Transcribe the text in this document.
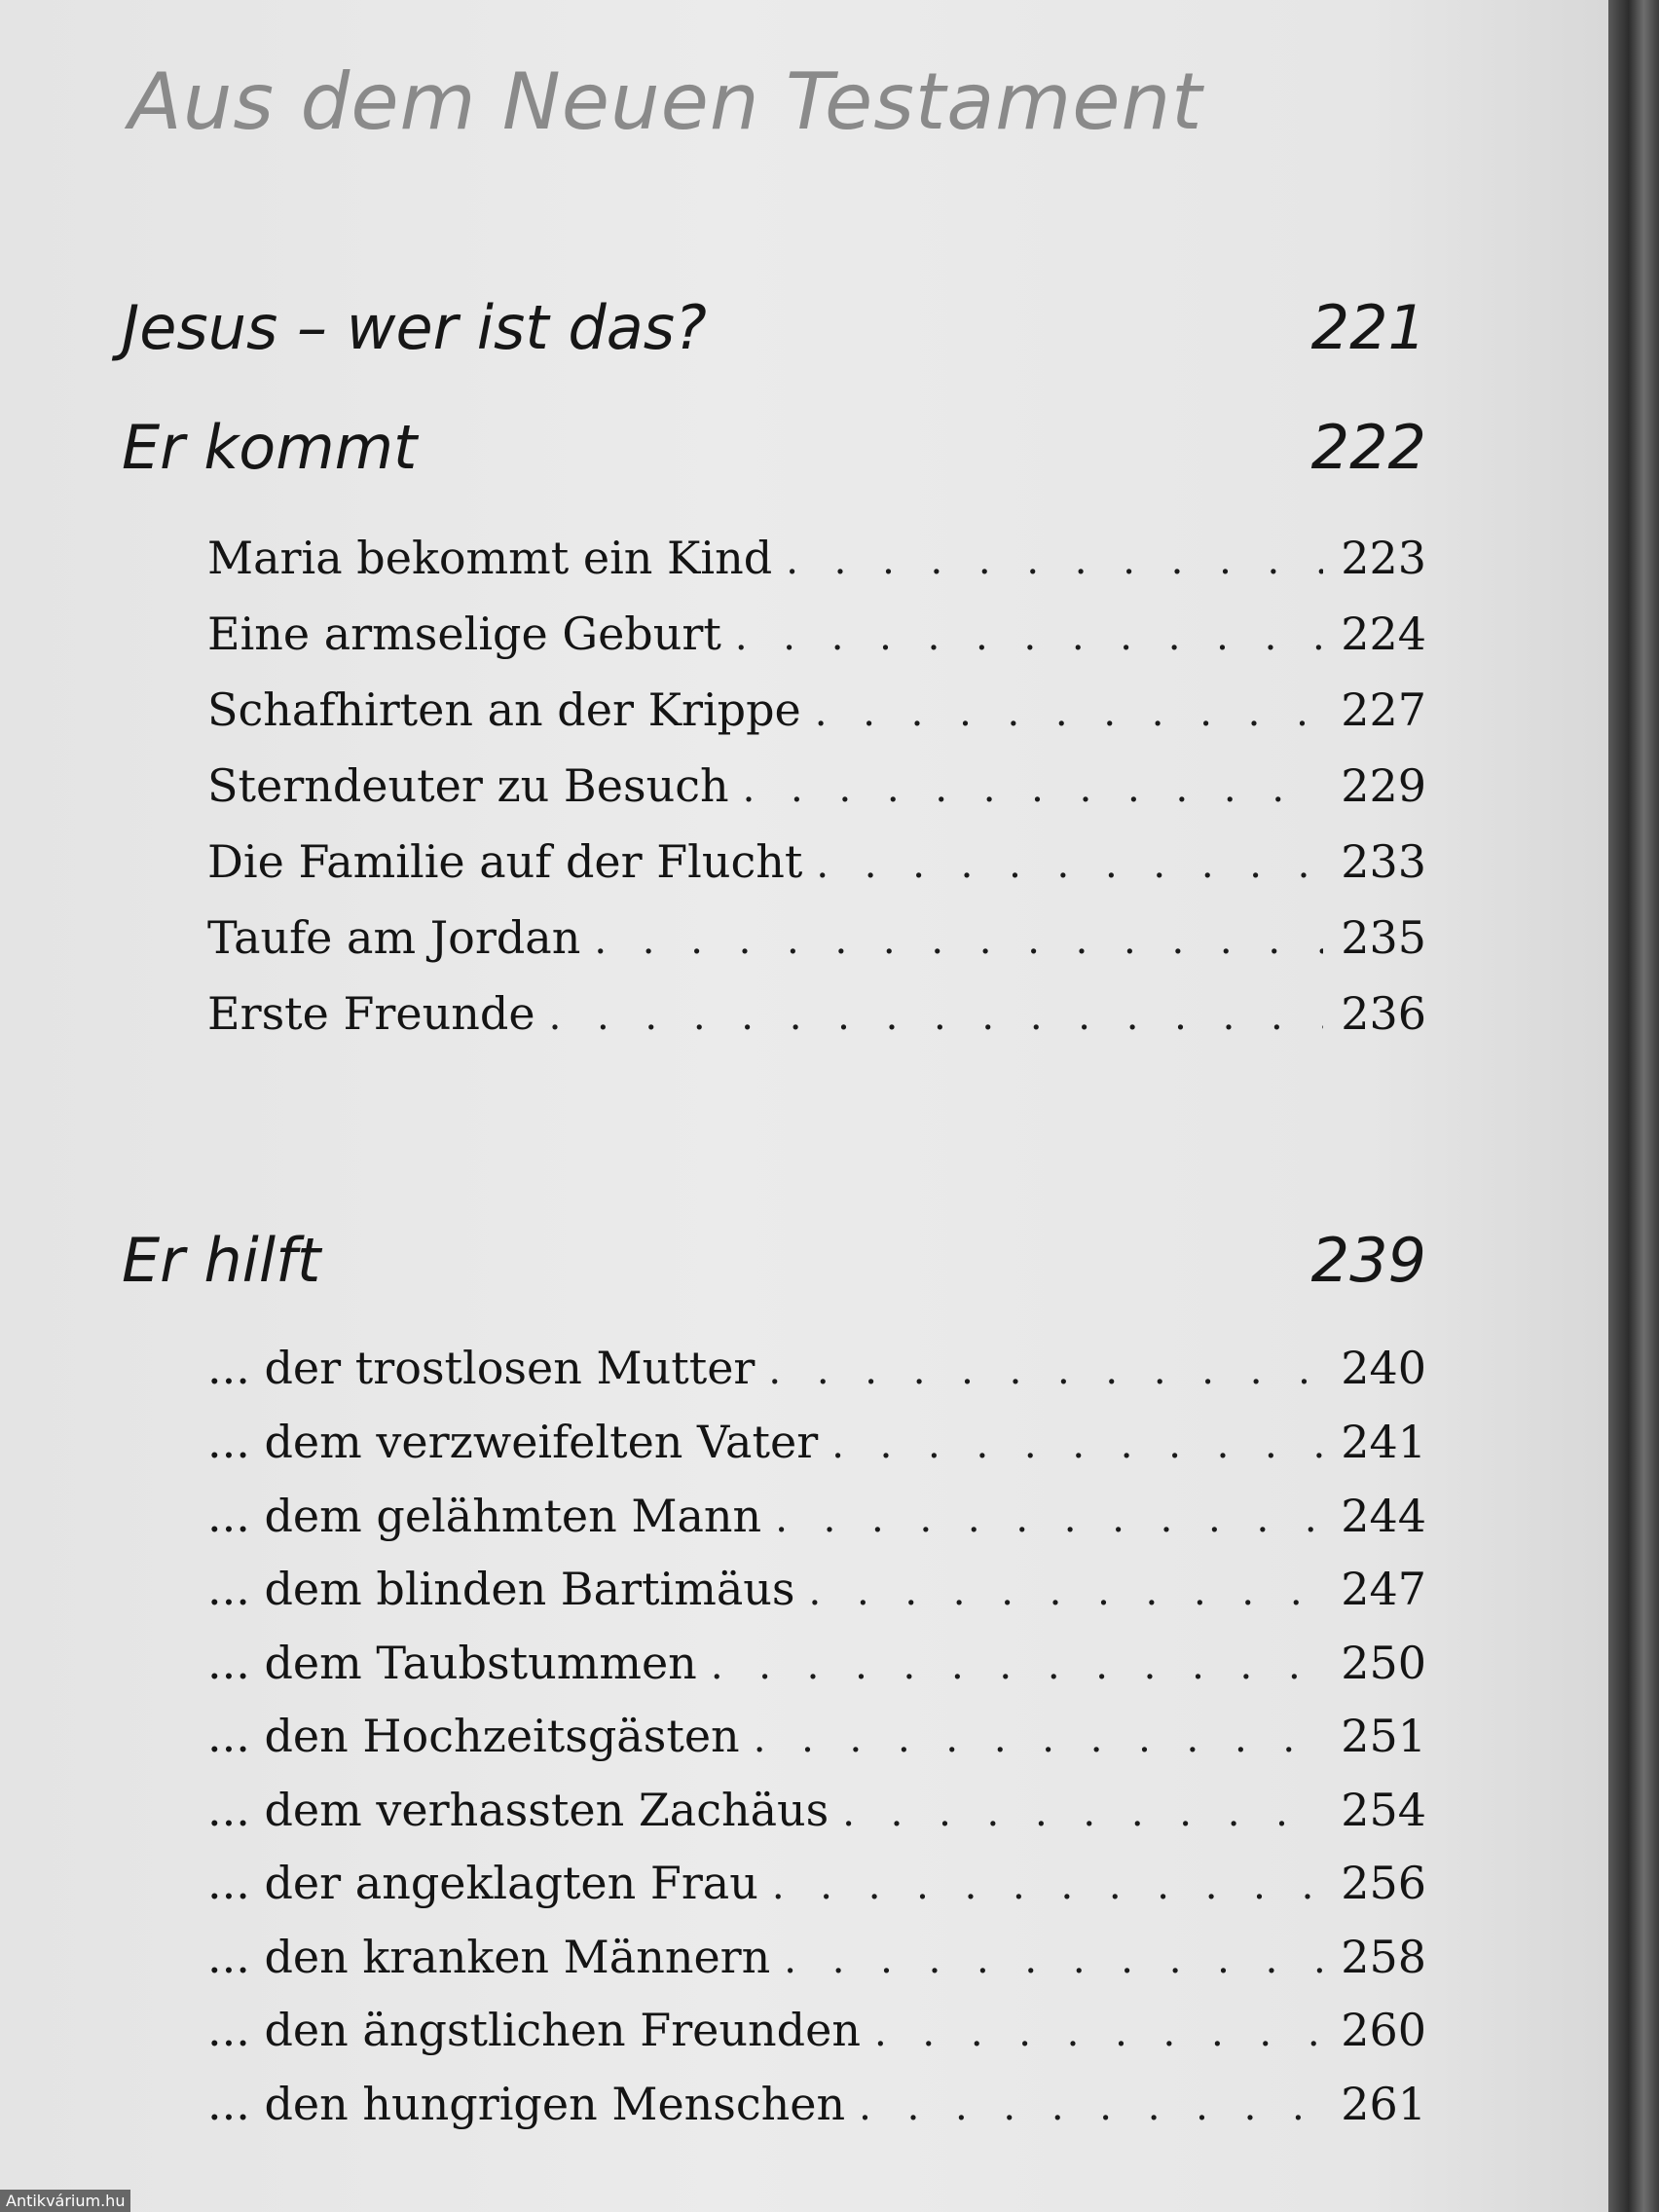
Aus dem Neuen Testament
Jesus – wer ist das?	221
Er kommt	222
Maria bekommt ein Kind . . .	223
Eine armselige Geburt . . .	224
Schafhirten an der Krippe . . .	227
Sterndeuter zu Besuch . . .	229
Die Familie auf der Flucht . . .	233
Taufe am Jordan . . .	235
Erste Freunde . . .	236
Er hilft	239
... der trostlosen Mutter . . .	240
... dem verzweifelten Vater . . .	241
... dem gelähmten Mann . . .	244
... dem blinden Bartimäus . . .	247
... dem Taubstummen . . .	250
... den Hochzeitsgästen . . .	251
... dem verhassten Zachäus . . .	254
... der angeklagten Frau . . .	256
... den kranken Männern . . .	258
... den ängstlichen Freunden . . .	260
... den hungrigen Menschen . . .	261
Antikvárium.hu
